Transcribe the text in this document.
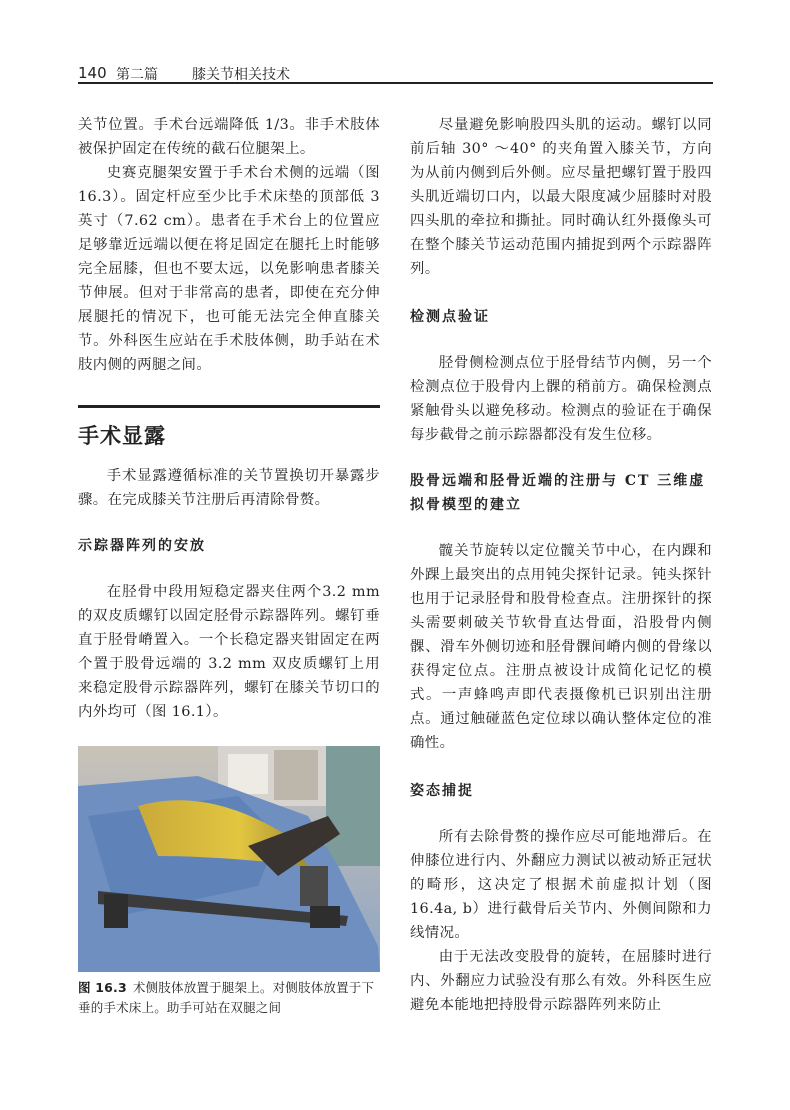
140 第二篇 膝关节相关技术

关节位置。手术台远端降低 1/3。非手术肢体被保护固定在传统的截石位腿架上。

史赛克腿架安置于手术台术侧的远端（图 16.3）。固定杆应至少比手术床垫的顶部低 3 英寸（7.62 cm）。患者在手术台上的位置应足够靠近远端以便在将足固定在腿托上时能够完全屈膝，但也不要太远，以免影响患者膝关节伸展。但对于非常高的患者，即使在充分伸展腿托的情况下，也可能无法完全伸直膝关节。外科医生应站在手术肢体侧，助手站在术肢内侧的两腿之间。

手术显露

手术显露遵循标准的关节置换切开暴露步骤。在完成膝关节注册后再清除骨赘。

示踪器阵列的安放

在胫骨中段用短稳定器夹住两个3.2 mm 的双皮质螺钉以固定胫骨示踪器阵列。螺钉垂直于胫骨嵴置入。一个长稳定器夹钳固定在两个置于股骨远端的 3.2 mm 双皮质螺钉上用来稳定股骨示踪器阵列，螺钉在膝关节切口的内外均可（图 16.1）。

图 16.3 术侧肢体放置于腿架上。对侧肢体放置于下垂的手术床上。助手可站在双腿之间

尽量避免影响股四头肌的运动。螺钉以同前后轴 30° ～40° 的夹角置入膝关节，方向为从前内侧到后外侧。应尽量把螺钉置于股四头肌近端切口内，以最大限度减少屈膝时对股四头肌的牵拉和撕扯。同时确认红外摄像头可在整个膝关节运动范围内捕捉到两个示踪器阵列。

检测点验证

胫骨侧检测点位于胫骨结节内侧，另一个检测点位于股骨内上髁的稍前方。确保检测点紧触骨头以避免移动。检测点的验证在于确保每步截骨之前示踪器都没有发生位移。

股骨远端和胫骨近端的注册与 CT 三维虚拟骨模型的建立

髋关节旋转以定位髋关节中心，在内踝和外踝上最突出的点用钝尖探针记录。钝头探针也用于记录胫骨和股骨检查点。注册探针的探头需要刺破关节软骨直达骨面，沿股骨内侧髁、滑车外侧切迹和胫骨髁间嵴内侧的骨缘以获得定位点。注册点被设计成简化记忆的模式。一声蜂鸣声即代表摄像机已识别出注册点。通过触碰蓝色定位球以确认整体定位的准确性。

姿态捕捉

所有去除骨赘的操作应尽可能地滞后。在伸膝位进行内、外翻应力测试以被动矫正冠状的畸形，这决定了根据术前虚拟计划（图 16.4a, b）进行截骨后关节内、外侧间隙和力线情况。

由于无法改变股骨的旋转，在屈膝时进行内、外翻应力试验没有那么有效。外科医生应避免本能地把持股骨示踪器阵列来防止
